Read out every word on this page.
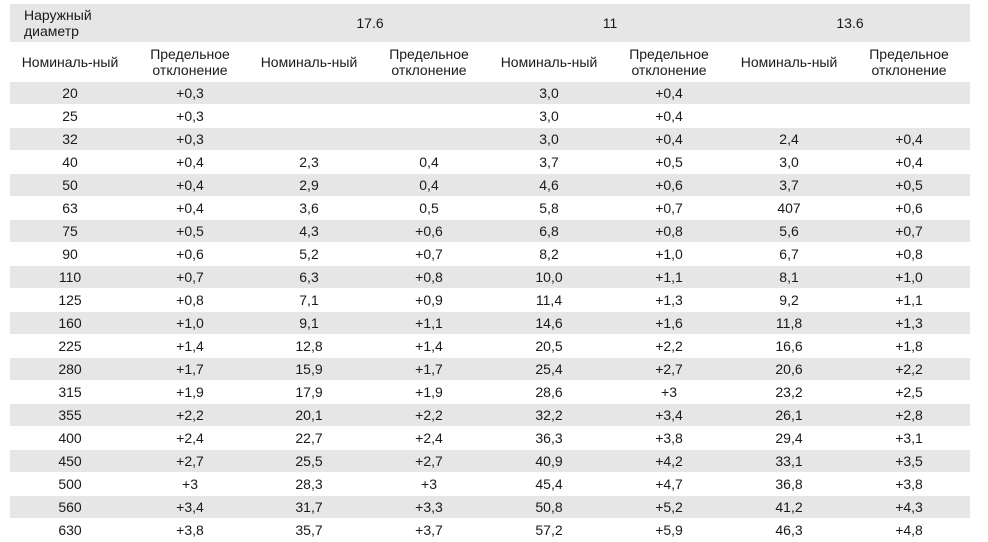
Наружный диаметр		17.6		11		13.6	
Номиналь-ный	Предельное отклонение	Номиналь-ный	Предельное отклонение	Номиналь-ный	Предельное отклонение	Номиналь-ный	Предельное отклонение
20	+0,3			3,0	+0,4		
25	+0,3			3,0	+0,4		
32	+0,3			3,0	+0,4	2,4	+0,4
40	+0,4	2,3	0,4	3,7	+0,5	3,0	+0,4
50	+0,4	2,9	0,4	4,6	+0,6	3,7	+0,5
63	+0,4	3,6	0,5	5,8	+0,7	407	+0,6
75	+0,5	4,3	+0,6	6,8	+0,8	5,6	+0,7
90	+0,6	5,2	+0,7	8,2	+1,0	6,7	+0,8
110	+0,7	6,3	+0,8	10,0	+1,1	8,1	+1,0
125	+0,8	7,1	+0,9	11,4	+1,3	9,2	+1,1
160	+1,0	9,1	+1,1	14,6	+1,6	11,8	+1,3
225	+1,4	12,8	+1,4	20,5	+2,2	16,6	+1,8
280	+1,7	15,9	+1,7	25,4	+2,7	20,6	+2,2
315	+1,9	17,9	+1,9	28,6	+3	23,2	+2,5
355	+2,2	20,1	+2,2	32,2	+3,4	26,1	+2,8
400	+2,4	22,7	+2,4	36,3	+3,8	29,4	+3,1
450	+2,7	25,5	+2,7	40,9	+4,2	33,1	+3,5
500	+3	28,3	+3	45,4	+4,7	36,8	+3,8
560	+3,4	31,7	+3,3	50,8	+5,2	41,2	+4,3
630	+3,8	35,7	+3,7	57,2	+5,9	46,3	+4,8
